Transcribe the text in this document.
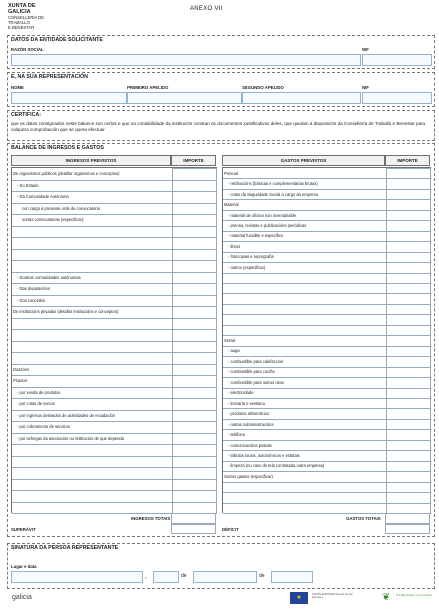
XUNTA DE GALICIA
CONSELLERÍA DE TRABALLO
E BENESTAR
ANEXO VII
DATOS DA ENTIDADE SOLICITANTE
RAZÓN SOCIAL	NIF
E, NA SÚA REPRESENTACIÓN
NOME	PRIMEIRO APELIDO	SEGUNDO APELIDO	NIF
CERTIFICA:
que os datos consignados neste balance son certos e que na contabilidade da institución constan os documentos xustificativos deles, que quedan á disposición da Consellería de Traballo e Benestar para calquera comprobación que se quera efectuar.
BALANCE DE INGRESOS E GASTOS
INGRESOS PREVISTOS	IMPORTE
De organismos públicos (detallar organismos e conceptos)
- Do Estado
- Da Comunidade Autónoma
con cargo á presente orde de convocatoria
outras convocatorias (especificar):
- Doutras comunidades autónomas
- Das deputacións
- Dos concellos
De institucións privadas (detallar institucións e conceptos):
Doazóns
Propios:
- por venda de produtos
- por cotas de socios
- por ingresos derivados de actividades de recadación
- por cobramento de servizos
- por achegas da asociación ou institución de que dependa
INGRESOS TOTAIS
SUPERÁVIT
GASTOS PREVISTOS	IMPORTE
Persoal
- retribucións (básicas e complementarias brutas)
- cotas da Seguridade Social a cargo da empresa
Material
- material de oficina non inventariable
- prensa, revistas e publicacións periódicas
- material funxible e específico
- libros
- fotocopias e reprografía
- outros (especificar)
Xerais
- auga
- combustible para calefacción
- combustible para cociña
- combustible para outros usos
- electricidade
- lenzaría e vestiario
- produtos alimenticios
- outras subministracións
- teléfono
- comunicacións postais
- tributos locais, autonómicos e estatais
- limpeza (no caso de tela contratada outra empresa)
Outros gastos (especificar)
GASTOS TOTAIS
DÉFICIT
SINATURA DA PERSOA REPRESENTANTE
Lugar e data
,	de	de
galicia	★
UNIÓN EUROPEA Fondo Social Europeo	❦	O FSE inviste no teu futuro
